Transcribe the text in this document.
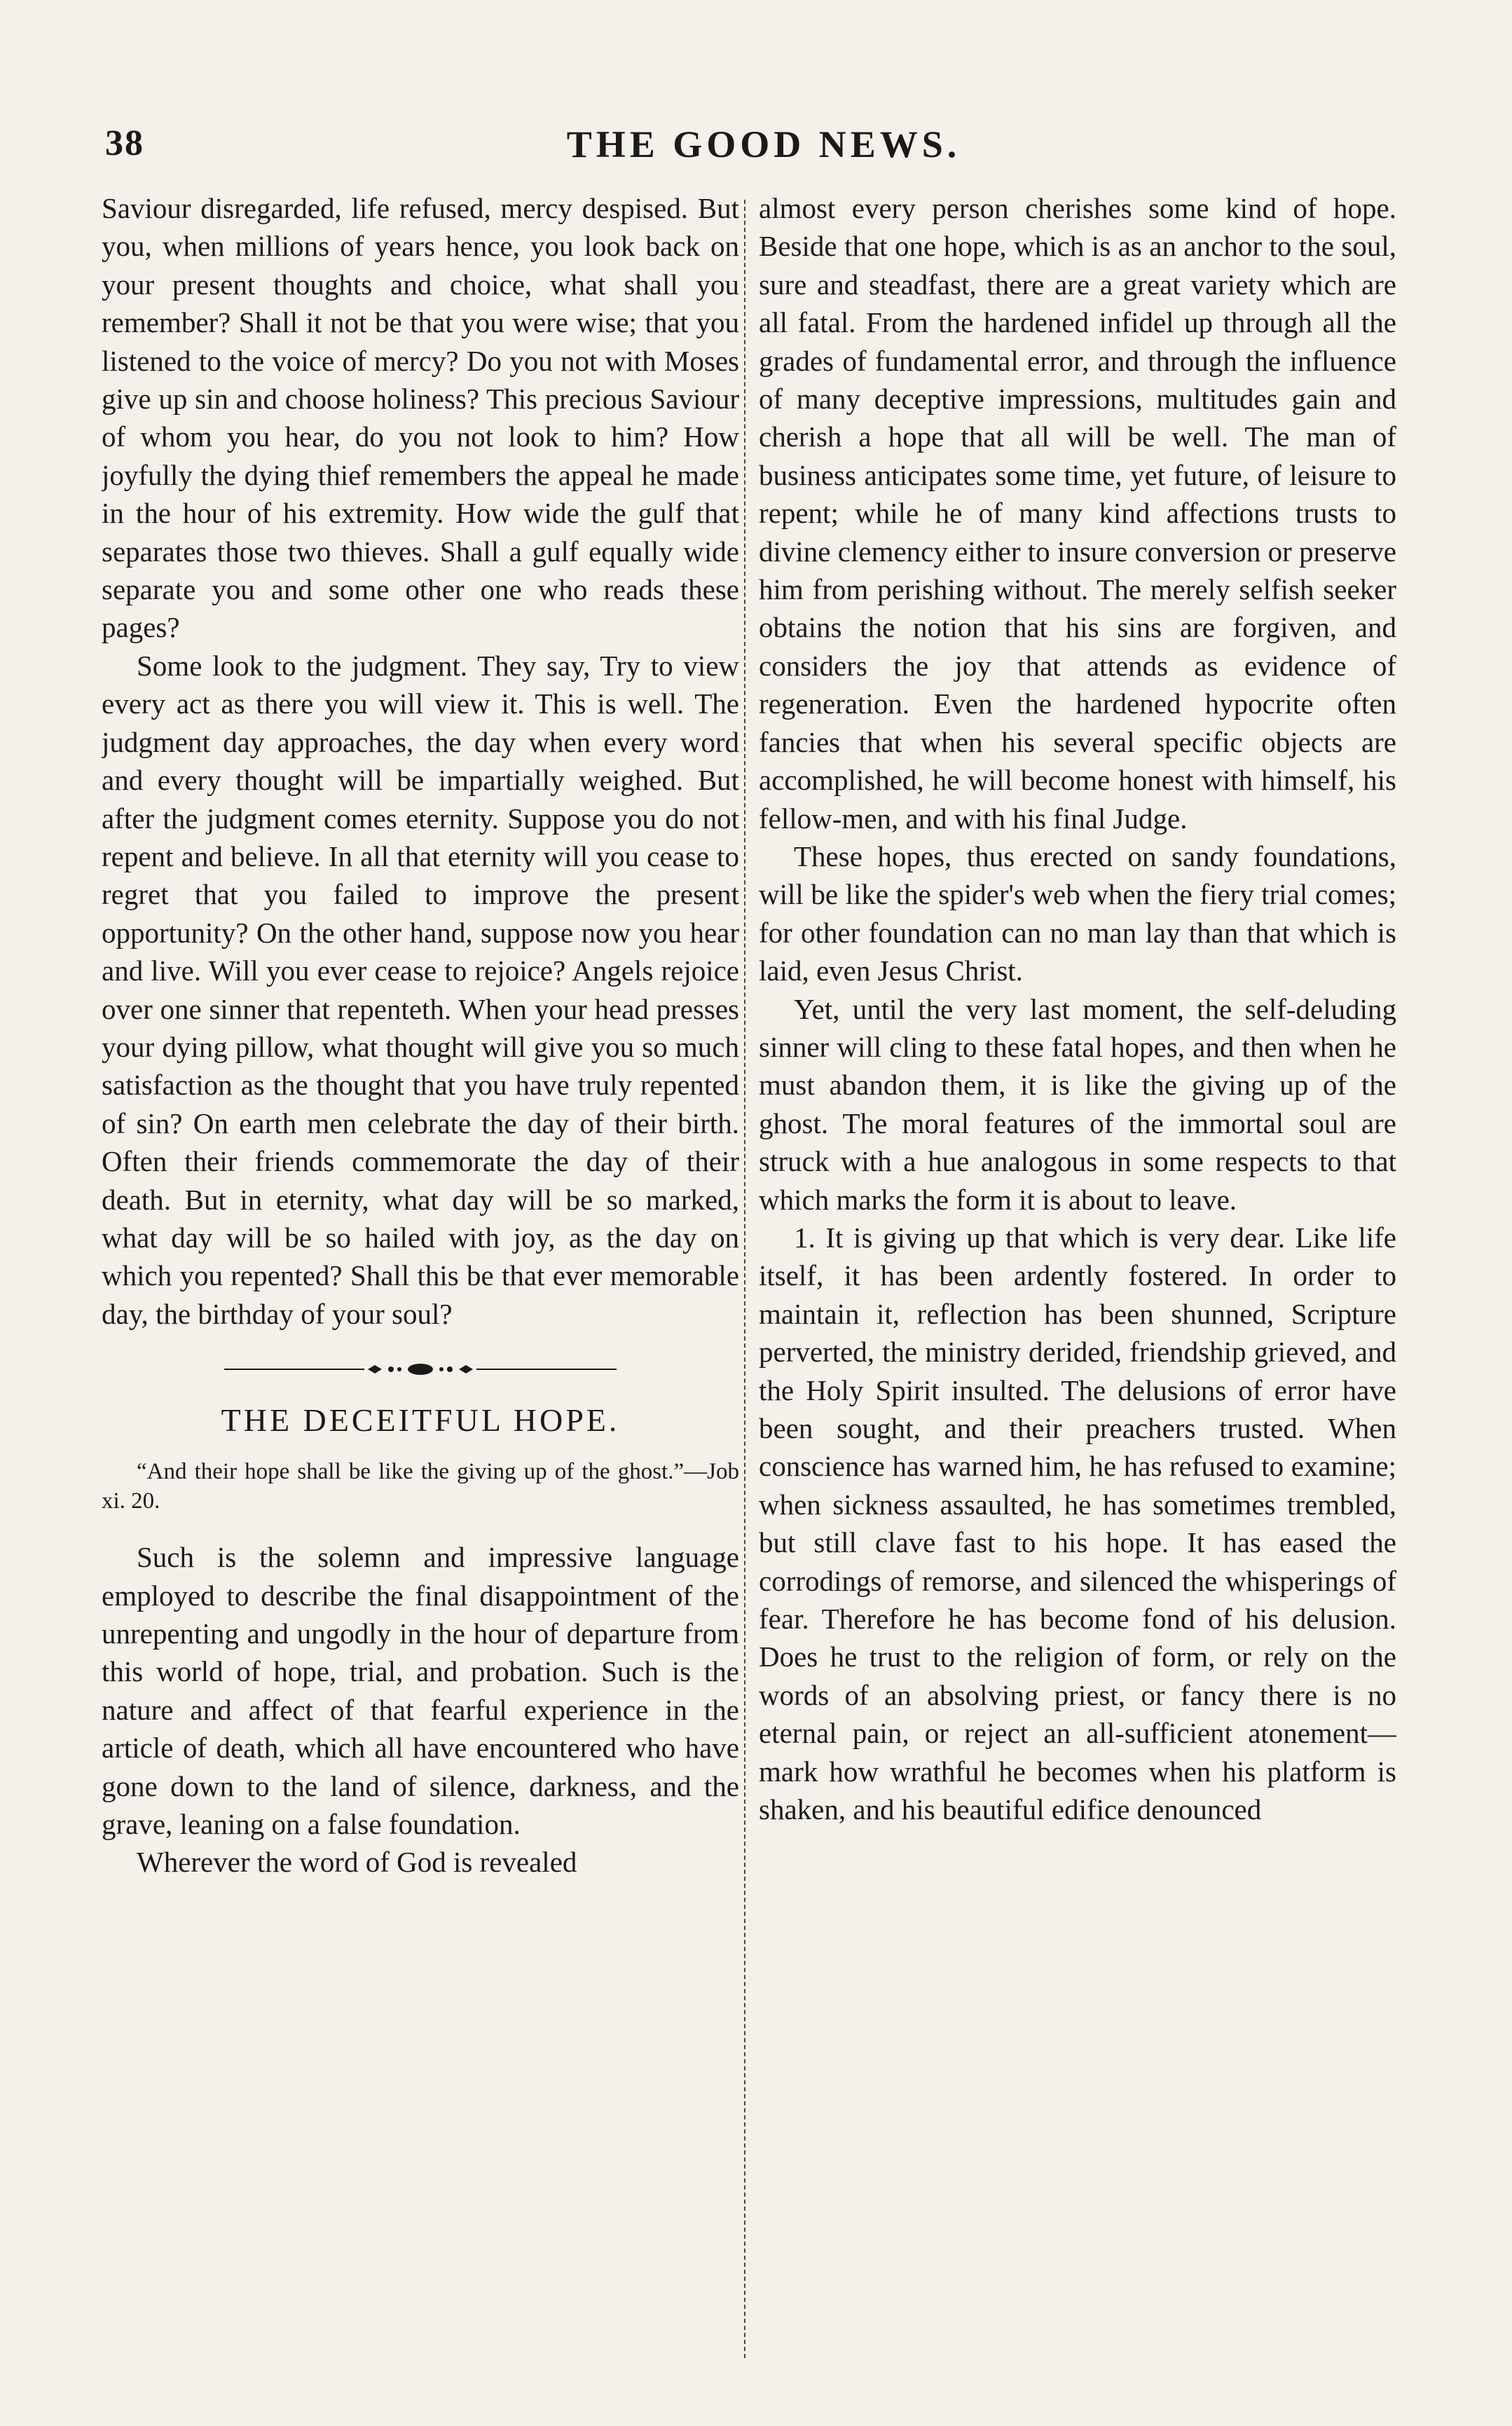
38	THE GOOD NEWS.

Saviour disregarded, life refused, mercy despised. But you, when millions of years hence, you look back on your present thoughts and choice, what shall you remember? Shall it not be that you were wise; that you listened to the voice of mercy? Do you not with Moses give up sin and choose holiness? This precious Saviour of whom you hear, do you not look to him? How joyfully the dying thief remembers the appeal he made in the hour of his extremity. How wide the gulf that separates those two thieves. Shall a gulf equally wide separate you and some other one who reads these pages?

Some look to the judgment. They say, Try to view every act as there you will view it. This is well. The judgment day approaches, the day when every word and every thought will be impartially weighed. But after the judgment comes eternity. Suppose you do not repent and believe. In all that eternity will you cease to regret that you failed to improve the present opportunity? On the other hand, suppose now you hear and live. Will you ever cease to rejoice? Angels rejoice over one sinner that repenteth. When your head presses your dying pillow, what thought will give you so much satisfaction as the thought that you have truly repented of sin? On earth men celebrate the day of their birth. Often their friends commemorate the day of their death. But in eternity, what day will be so marked, what day will be so hailed with joy, as the day on which you repented? Shall this be that ever memorable day, the birthday of your soul?

THE DECEITFUL HOPE.
“And their hope shall be like the giving up of the ghost.”—Job xi. 20.

Such is the solemn and impressive language employed to describe the final disappointment of the unrepenting and ungodly in the hour of departure from this world of hope, trial, and probation. Such is the nature and affect of that fearful experience in the article of death, which all have encountered who have gone down to the land of silence, darkness, and the grave, leaning on a false foundation.

Wherever the word of God is revealed

almost every person cherishes some kind of hope. Beside that one hope, which is as an anchor to the soul, sure and steadfast, there are a great variety which are all fatal. From the hardened infidel up through all the grades of fundamental error, and through the influence of many deceptive impressions, multitudes gain and cherish a hope that all will be well. The man of business anticipates some time, yet future, of leisure to repent; while he of many kind affections trusts to divine clemency either to insure conversion or preserve him from perishing without. The merely selfish seeker obtains the notion that his sins are forgiven, and considers the joy that attends as evidence of regeneration. Even the hardened hypocrite often fancies that when his several specific objects are accomplished, he will become honest with himself, his fellow-men, and with his final Judge.

These hopes, thus erected on sandy foundations, will be like the spider's web when the fiery trial comes; for other foundation can no man lay than that which is laid, even Jesus Christ.

Yet, until the very last moment, the self-deluding sinner will cling to these fatal hopes, and then when he must abandon them, it is like the giving up of the ghost. The moral features of the immortal soul are struck with a hue analogous in some respects to that which marks the form it is about to leave.

1. It is giving up that which is very dear. Like life itself, it has been ardently fostered. In order to maintain it, reflection has been shunned, Scripture perverted, the ministry derided, friendship grieved, and the Holy Spirit insulted. The delusions of error have been sought, and their preachers trusted. When conscience has warned him, he has refused to examine; when sickness assaulted, he has sometimes trembled, but still clave fast to his hope. It has eased the corrodings of remorse, and silenced the whisperings of fear. Therefore he has become fond of his delusion. Does he trust to the religion of form, or rely on the words of an absolving priest, or fancy there is no eternal pain, or reject an all-sufficient atonement—mark how wrathful he becomes when his platform is shaken, and his beautiful edifice denounced
